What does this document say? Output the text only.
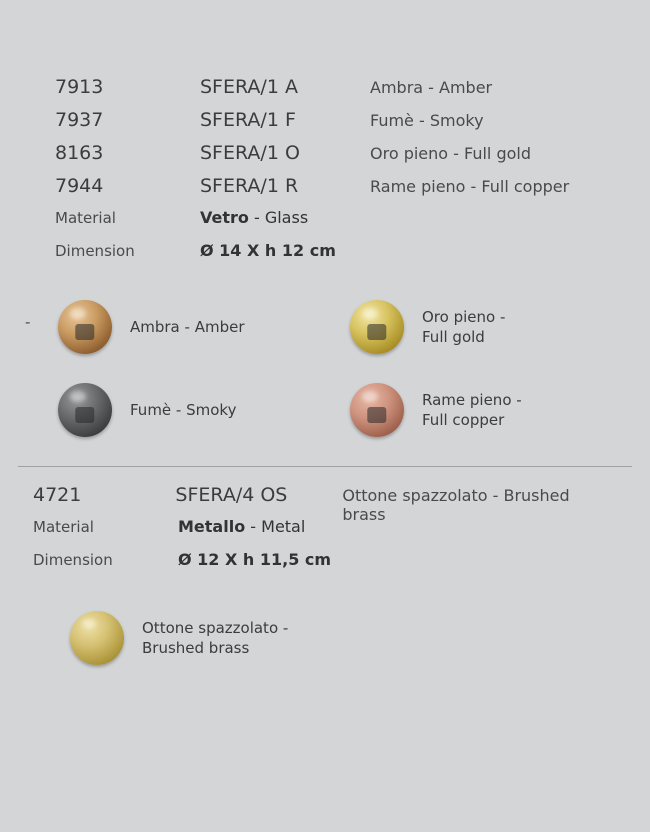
7913	SFERA/1 A	Ambra - Amber
7937	SFERA/1 F	Fumè - Smoky
8163	SFERA/1 O	Oro pieno - Full gold
7944	SFERA/1 R	Rame pieno - Full copper
Material	Vetro - Glass
Dimension	Ø 14 X h 12 cm
-	Ambra - Amber
Fumè - Smoky
Oro pieno -
Full gold
Rame pieno -
Full copper
4721	SFERA/4 OS	Ottone spazzolato - Brushed brass
Material	Metallo - Metal
Dimension	Ø 12 X h 11,5 cm
Ottone spazzolato -
Brushed brass
